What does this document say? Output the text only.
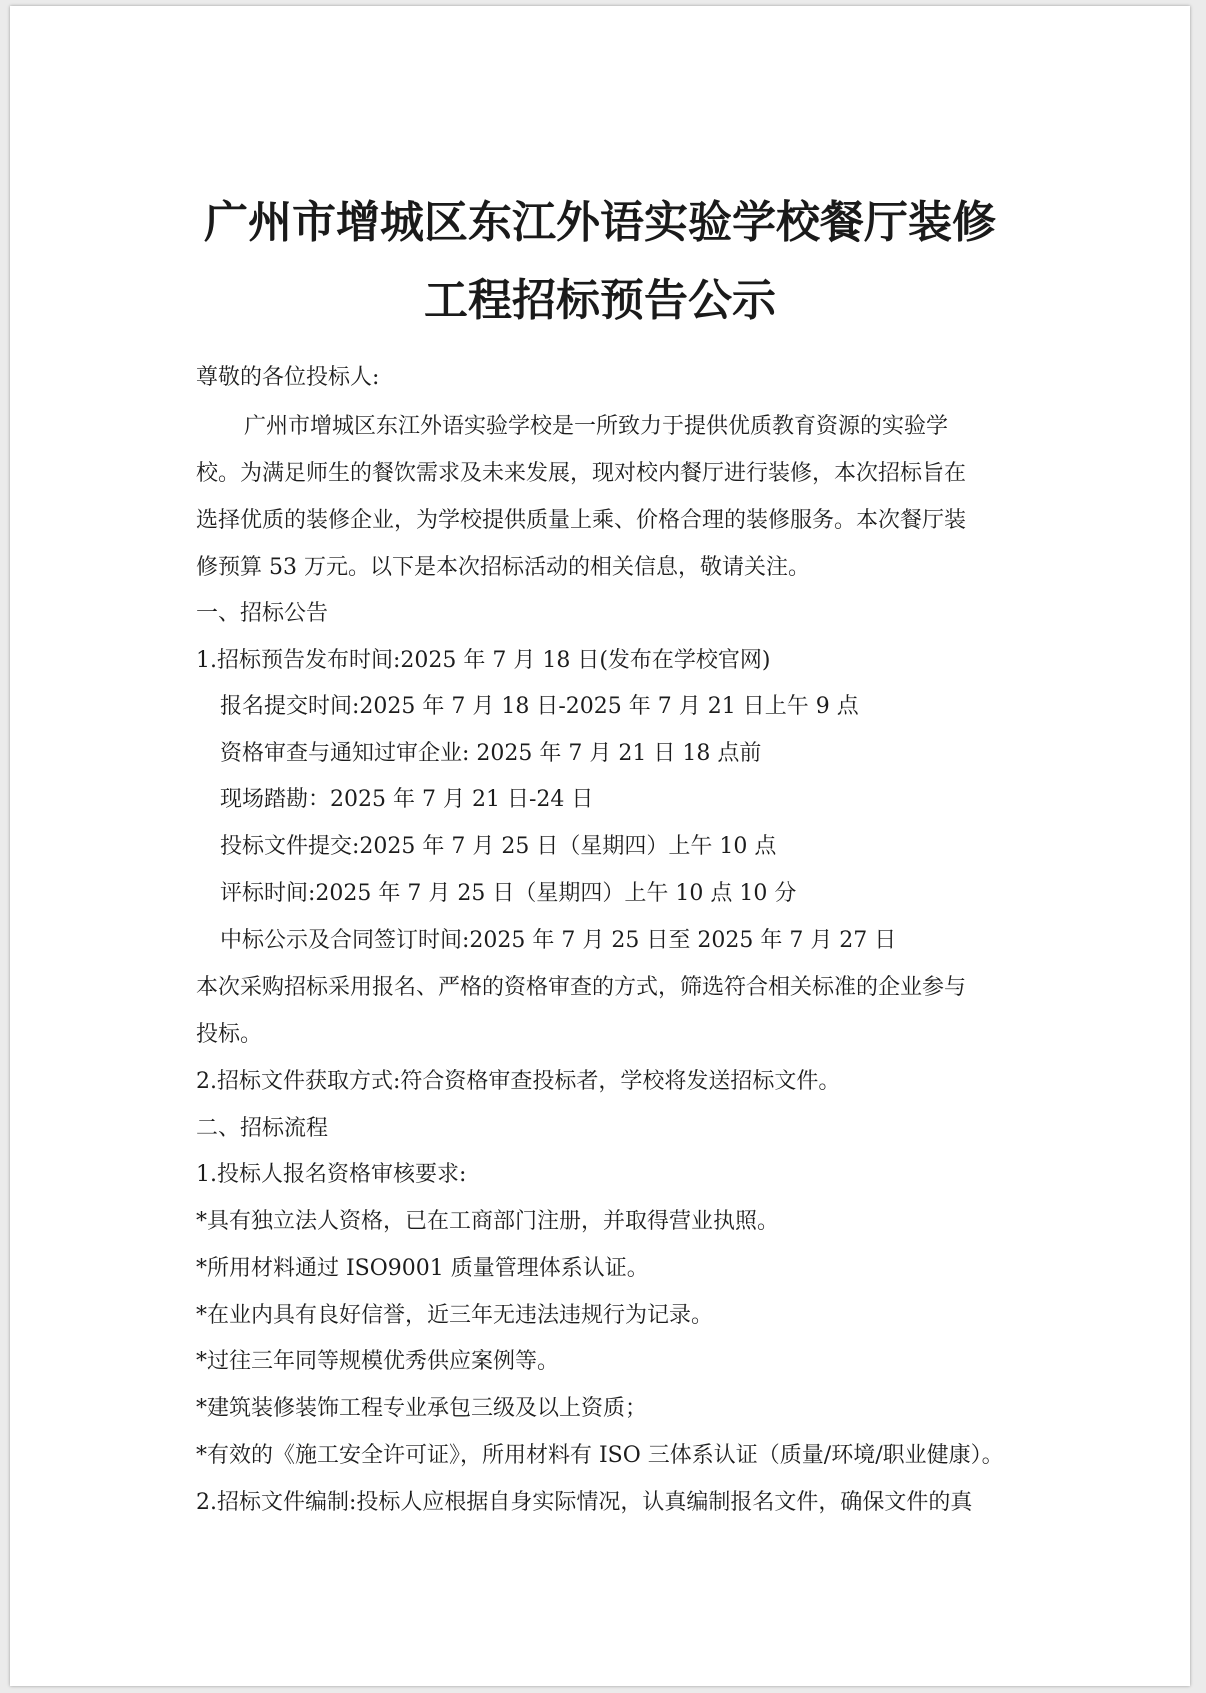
广州市增城区东江外语实验学校餐厅装修
工程招标预告公示
尊敬的各位投标人:
广州市增城区东江外语实验学校是一所致力于提供优质教育资源的实验学
校。为满足师生的餐饮需求及未来发展，现对校内餐厅进行装修，本次招标旨在
选择优质的装修企业，为学校提供质量上乘、价格合理的装修服务。本次餐厅装
修预算 53 万元。以下是本次招标活动的相关信息，敬请关注。
一、招标公告
1.招标预告发布时间:2025 年 7 月 18 日(发布在学校官网)
报名提交时间:2025 年 7 月 18 日-2025 年 7 月 21 日上午 9 点
资格审查与通知过审企业: 2025 年 7 月 21 日 18 点前
现场踏勘：2025 年 7 月 21 日-24 日
投标文件提交:2025 年 7 月 25 日（星期四）上午 10 点
评标时间:2025 年 7 月 25 日（星期四）上午 10 点 10 分
中标公示及合同签订时间:2025 年 7 月 25 日至 2025 年 7 月 27 日
本次采购招标采用报名、严格的资格审查的方式，筛选符合相关标准的企业参与
投标。
2.招标文件获取方式:符合资格审查投标者，学校将发送招标文件。
二、招标流程
1.投标人报名资格审核要求:
*具有独立法人资格，已在工商部门注册，并取得营业执照。
*所用材料通过 ISO9001 质量管理体系认证。
*在业内具有良好信誉，近三年无违法违规行为记录。
*过往三年同等规模优秀供应案例等。
*建筑装修装饰工程专业承包三级及以上资质；
*有效的《施工安全许可证》，所用材料有 ISO 三体系认证（质量/环境/职业健康）。
2.招标文件编制:投标人应根据自身实际情况，认真编制报名文件，确保文件的真
